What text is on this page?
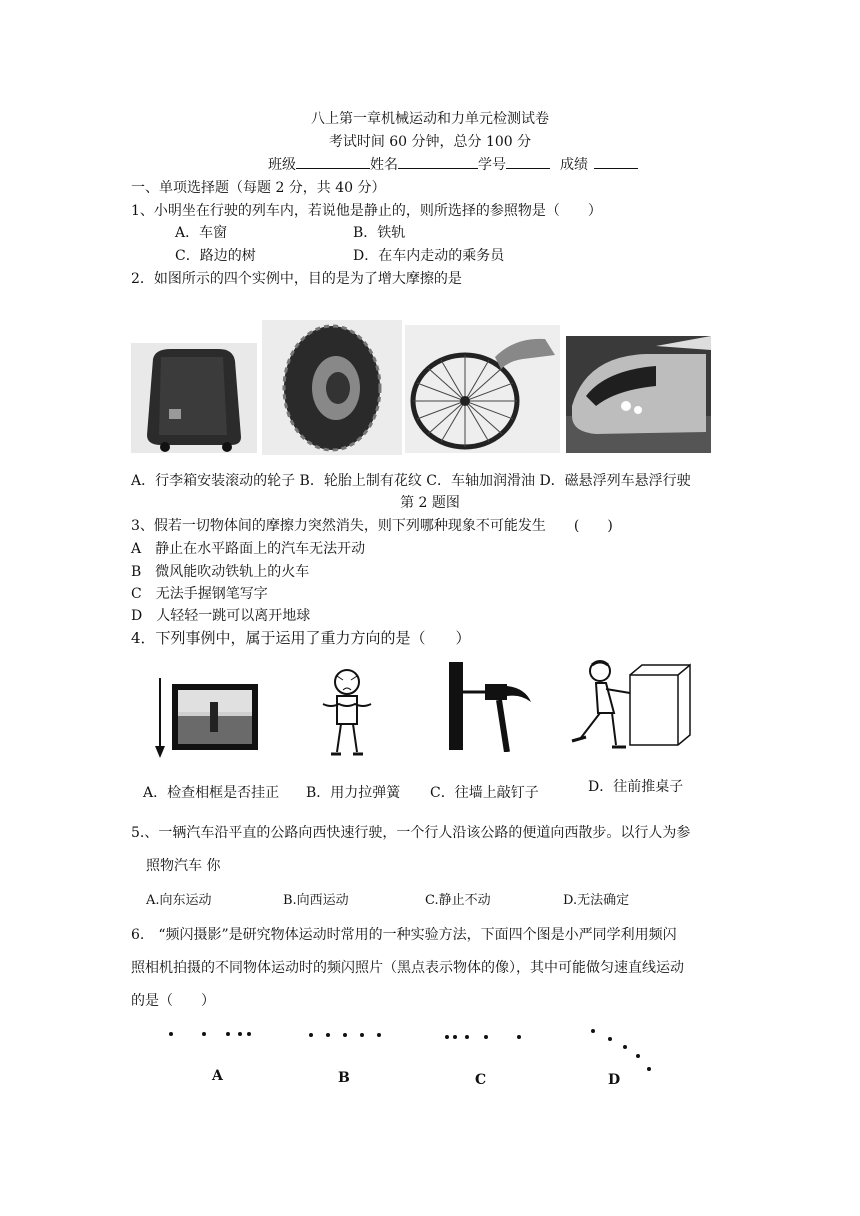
八上第一章机械运动和力单元检测试卷
考试时间 60 分钟，总分 100 分
班级	姓名	学号	成绩
一、单项选择题（每题 2 分，共 40 分）
1、小明坐在行驶的列车内，若说他是静止的，则所选择的参照物是（　　）
A．车窗	B．铁轨
C．路边的树	D．在车内走动的乘务员
2．如图所示的四个实例中，目的是为了增大摩擦的是
A．行李箱安装滚动的轮子 B．轮胎上制有花纹 C．车轴加润滑油 D．磁悬浮列车悬浮行驶
第 2 题图
3、假若一切物体间的摩擦力突然消失，则下列哪种现象不可能发生　　(　　)
A　静止在水平路面上的汽车无法开动
B　微风能吹动铁轨上的火车
C　无法手握钢笔写字
D　人轻轻一跳可以离开地球
4．下列事例中，属于运用了重力方向的是（　　）
A．检查相框是否挂正 B．用力拉弹簧 C．往墙上敲钉子	D．往前推桌子
5.、一辆汽车沿平直的公路向西快速行驶，一个行人沿该公路的便道向西散步。以行人为参
照物汽车 你
A.向东运动	B.向西运动	C.静止不动	D.无法确定
6.　“频闪摄影”是研究物体运动时常用的一种实验方法，下面四个图是小严同学利用频闪
照相机拍摄的不同物体运动时的频闪照片（黑点表示物体的像），其中可能做匀速直线运动
的是（　　）
A	B	C	D
